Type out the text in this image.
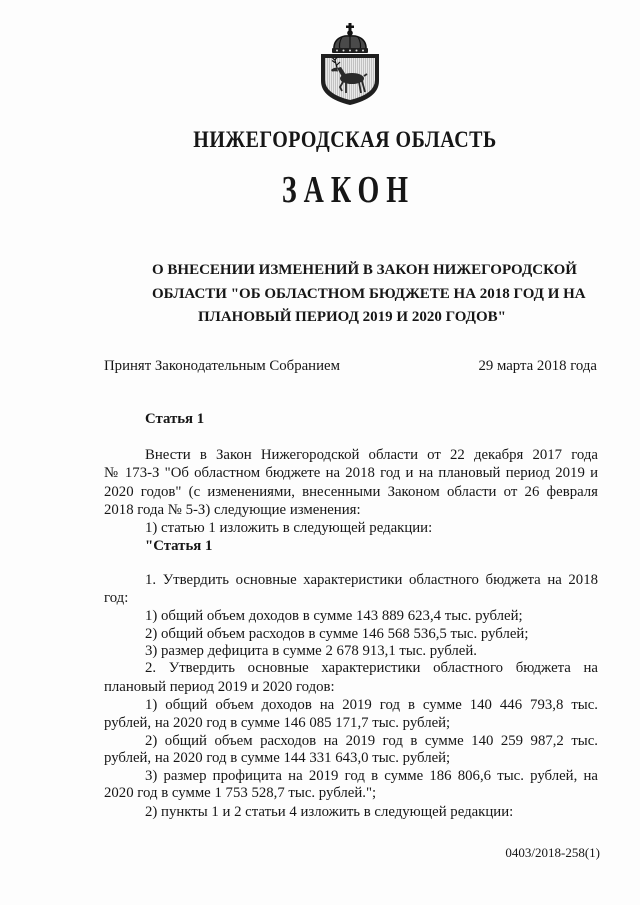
НИЖЕГОРОДСКАЯ ОБЛАСТЬ
ЗАКОН
О ВНЕСЕНИИ ИЗМЕНЕНИЙ В ЗАКОН НИЖЕГОРОДСКОЙ
ОБЛАСТИ "ОБ ОБЛАСТНОМ БЮДЖЕТЕ НА 2018 ГОД И НА
ПЛАНОВЫЙ ПЕРИОД 2019 И 2020 ГОДОВ"
Принят Законодательным Собранием	29 марта 2018 года
Статья 1
Внести в Закон Нижегородской области от 22 декабря 2017 года
№ 173-З "Об областном бюджете на 2018 год и на плановый период 2019 и
2020 годов" (с изменениями, внесенными Законом области от 26 февраля
2018 года № 5-З) следующие изменения:
1) статью 1 изложить в следующей редакции:
"Статья 1
1. Утвердить основные характеристики областного бюджета на 2018
год:
1) общий объем доходов в сумме 143 889 623,4 тыс. рублей;
2) общий объем расходов в сумме 146 568 536,5 тыс. рублей;
3) размер дефицита в сумме 2 678 913,1 тыс. рублей.
2. Утвердить основные характеристики областного бюджета на
плановый период 2019 и 2020 годов:
1) общий объем доходов на 2019 год в сумме 140 446 793,8 тыс.
рублей, на 2020 год в сумме 146 085 171,7 тыс. рублей;
2) общий объем расходов на 2019 год в сумме 140 259 987,2 тыс.
рублей, на 2020 год в сумме 144 331 643,0 тыс. рублей;
3) размер профицита на 2019 год в сумме 186 806,6 тыс. рублей, на
2020 год в сумме 1 753 528,7 тыс. рублей.";
2) пункты 1 и 2 статьи 4 изложить в следующей редакции:
0403/2018-258(1)
